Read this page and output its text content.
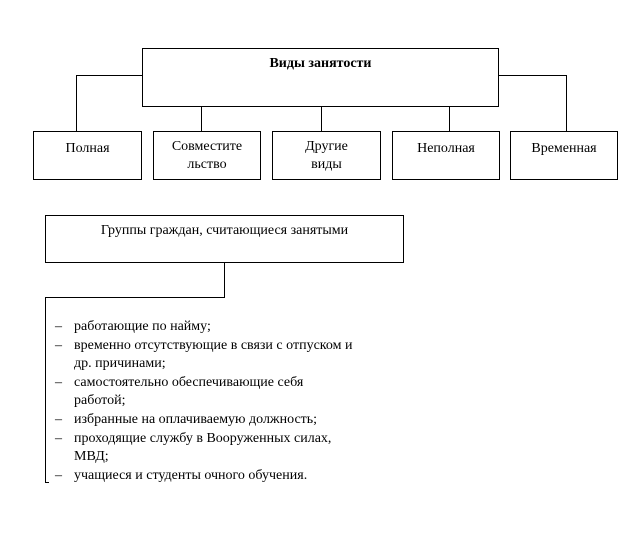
Виды занятости
Полная	Совместите
льство
Другие
виды
Неполная	Временная
Группы граждан, считающиеся занятыми
– работающие по найму;
– временно отсутствующие в связи с отпуском и
др. причинами;
– самостоятельно обеспечивающие себя
работой;
– избранные на оплачиваемую должность;
– проходящие службу в Вооруженных силах,
МВД;
– учащиеся и студенты очного обучения.
